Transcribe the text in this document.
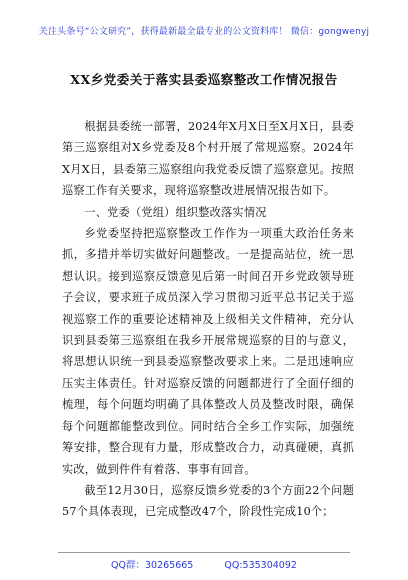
关注头条号“公文研究”，获得最新最全最专业的公文资料库！ 微信：gongwenyj
XX乡党委关于落实县委巡察整改工作情况报告

根据县委统一部署，2024年X月X日至X月X日，县委第三巡察组对X乡党委及8个村开展了常规巡察。2024年X月X日，县委第三巡察组向我党委反馈了巡察意见。按照巡察工作有关要求，现将巡察整改进展情况报告如下。

一、党委（党组）组织整改落实情况

乡党委坚持把巡察整改工作作为一项重大政治任务来抓，多措并举切实做好问题整改。一是提高站位，统一思想认识。接到巡察反馈意见后第一时间召开乡党政领导班子会议，要求班子成员深入学习贯彻习近平总书记关于巡视巡察工作的重要论述精神及上级相关文件精神，充分认识到县委第三巡察组在我乡开展常规巡察的目的与意义，将思想认识统一到县委巡察整改要求上来。二是迅速响应压实主体责任。针对巡察反馈的问题都进行了全面仔细的梳理，每个问题均明确了具体整改人员及整改时限，确保每个问题都能整改到位。同时结合全乡工作实际，加强统筹安排，整合现有力量，形成整改合力，动真碰硬，真抓实改，做到件件有着落、事事有回音。

截至12月30日，巡察反馈乡党委的3个方面22个问题57个具体表现，已完成整改47个，阶段性完成10个；

QQ群：30265665	QQ:535304092
